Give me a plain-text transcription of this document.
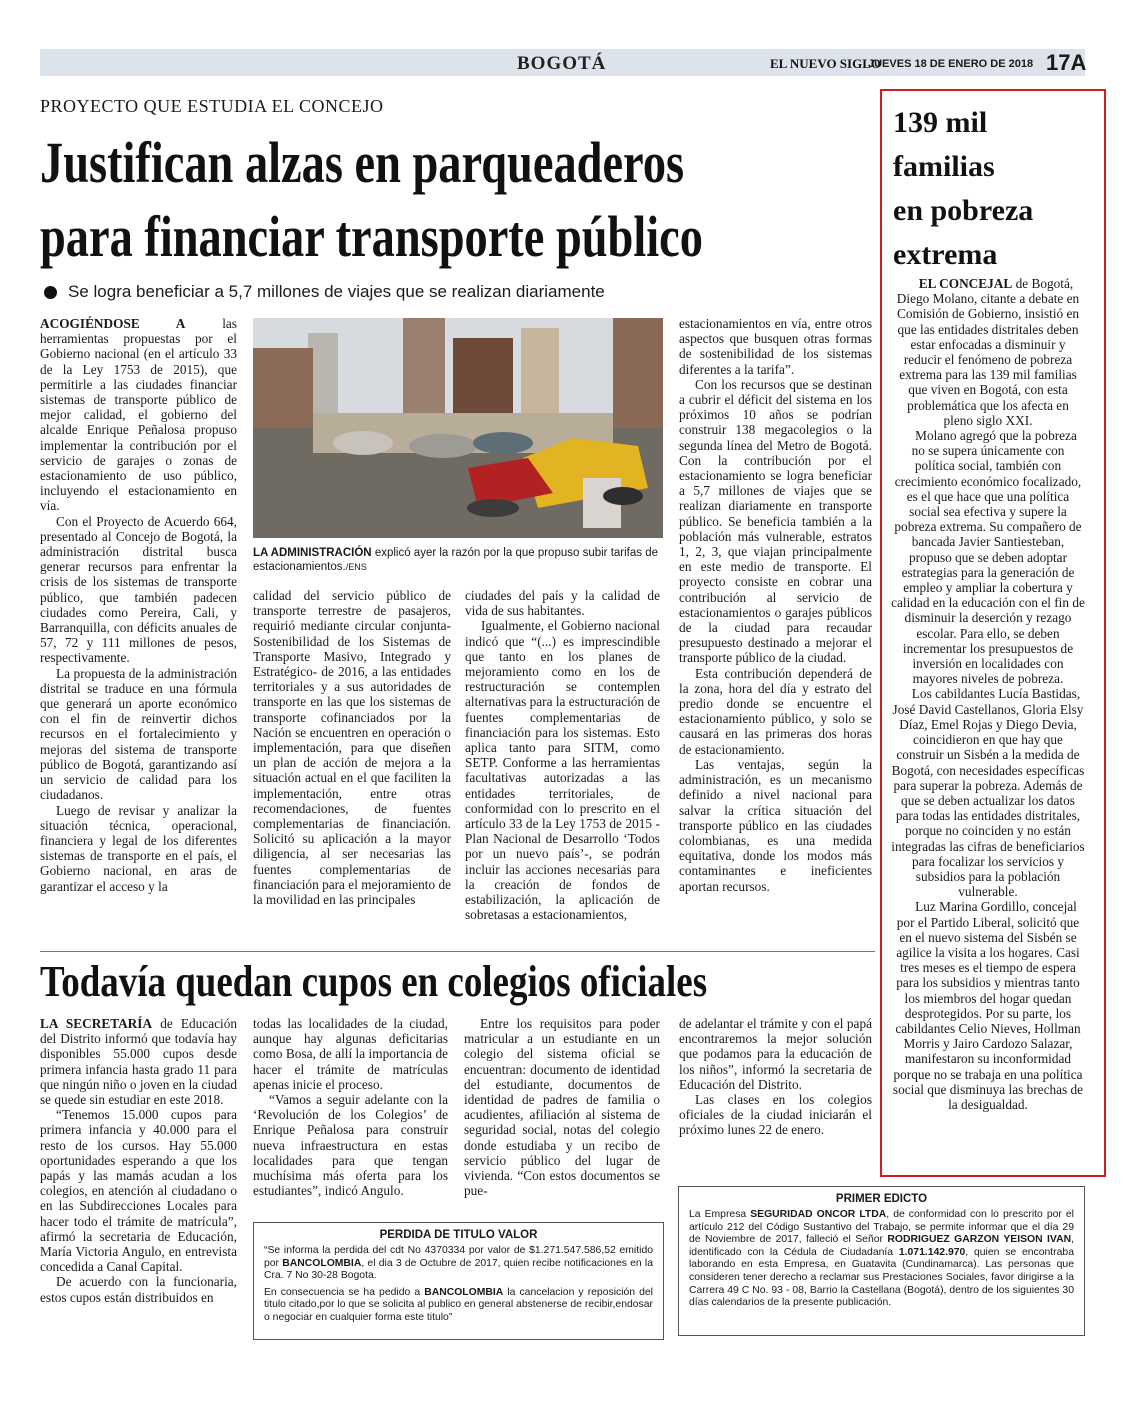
BOGOTÁ	EL NUEVO SIGLO
JUEVES 18 DE ENERO DE 2018 17A
PROYECTO QUE ESTUDIA EL CONCEJO
Justifican alzas en parqueaderos
para financiar transporte público
Se logra beneficiar a 5,7 millones de viajes que se realizan diariamente

ACOGIÉNDOSE A las herramientas propuestas por el Gobierno nacional (en el artículo 33 de la Ley 1753 de 2015), que permitirle a las ciudades financiar sistemas de transporte público de mejor calidad, el gobierno del alcalde Enrique Peñalosa propuso implementar la contribución por el servicio de garajes o zonas de estacionamiento de uso público, incluyendo el estacionamiento en vía.

Con el Proyecto de Acuerdo 664, presentado al Concejo de Bogotá, la administración distrital busca generar recursos para enfrentar la crisis de los sistemas de transporte público, que también padecen ciudades como Pereira, Cali, y Barranquilla, con déficits anuales de 57, 72 y 111 millones de pesos, respectivamente.

La propuesta de la administración distrital se traduce en una fórmula que generará un aporte económico con el fin de reinvertir dichos recursos en el fortalecimiento y mejoras del sistema de transporte público de Bogotá, garantizando así un servicio de calidad para los ciudadanos.

Luego de revisar y analizar la situación técnica, operacional, financiera y legal de los diferentes sistemas de transporte en el país, el Gobierno nacional, en aras de garantizar el acceso y la

LA ADMINISTRACIÓN explicó ayer la razón por la que propuso subir tarifas de estacionamientos./ENS

calidad del servicio público de transporte terrestre de pasajeros, requirió mediante circular conjunta-Sostenibilidad de los Sistemas de Transporte Masivo, Integrado y Estratégico- de 2016, a las entidades territoriales y a sus autoridades de transporte en las que los sistemas de transporte cofinanciados por la Nación se encuentren en operación o implementación, para que diseñen un plan de acción de mejora a la situación actual en el que faciliten la implementación, entre otras recomendaciones, de fuentes complementarias de financiación. Solicitó su aplicación a la mayor diligencia, al ser necesarias las fuentes complementarias de financiación para el mejoramiento de la movilidad en las principales

ciudades del país y la calidad de vida de sus habitantes.

Igualmente, el Gobierno nacional indicó que “(...) es imprescindible que tanto en los planes de mejoramiento como en los de restructuración se contemplen alternativas para la estructuración de fuentes complementarias de financiación para los sistemas. Esto aplica tanto para SITM, como SETP. Conforme a las herramientas facultativas autorizadas a las entidades territoriales, de conformidad con lo prescrito en el artículo 33 de la Ley 1753 de 2015 -Plan Nacional de Desarrollo ‘Todos por un nuevo país’-, se podrán incluir las acciones necesarias para la creación de fondos de estabilización, la aplicación de sobretasas a estacionamientos,

estacionamientos en vía, entre otros aspectos que busquen otras formas de sostenibilidad de los sistemas diferentes a la tarifa”.

Con los recursos que se destinan a cubrir el déficit del sistema en los próximos 10 años se podrían construir 138 megacolegios o la segunda línea del Metro de Bogotá. Con la contribución por el estacionamiento se logra beneficiar a 5,7 millones de viajes que se realizan diariamente en transporte público. Se beneficia también a la población más vulnerable, estratos 1, 2, 3, que viajan principalmente en este medio de transporte. El proyecto consiste en cobrar una contribución al servicio de estacionamientos o garajes públicos de la ciudad para recaudar presupuesto destinado a mejorar el transporte público de la ciudad.

Esta contribución dependerá de la zona, hora del día y estrato del predio donde se encuentre el estacionamiento público, y solo se causará en las primeras dos horas de estacionamiento.

Las ventajas, según la administración, es un mecanismo definido a nivel nacional para salvar la crítica situación del transporte público en las ciudades colombianas, es una medida equitativa, donde los modos más contaminantes e ineficientes aportan recursos.

139 mil
familias
en pobreza
extrema

EL CONCEJAL de Bogotá, Diego Molano, citante a debate en Comisión de Gobierno, insistió en que las entidades distritales deben estar enfocadas a disminuir y reducir el fenómeno de pobreza extrema para las 139 mil familias que viven en Bogotá, con esta problemática que los afecta en pleno siglo XXI.

Molano agregó que la pobreza no se supera únicamente con política social, también con crecimiento económico focalizado, es el que hace que una política social sea efectiva y supere la pobreza extrema. Su compañero de bancada Javier Santiesteban, propuso que se deben adoptar estrategias para la generación de empleo y ampliar la cobertura y calidad en la educación con el fin de disminuir la deserción y rezago escolar. Para ello, se deben incrementar los presupuestos de inversión en localidades con mayores niveles de pobreza.

Los cabildantes Lucía Bastidas, José David Castellanos, Gloria Elsy Díaz, Emel Rojas y Diego Devia, coincidieron en que hay que construir un Sisbén a la medida de Bogotá, con necesidades específicas para superar la pobreza. Además de que se deben actualizar los datos para todas las entidades distritales, porque no coinciden y no están integradas las cifras de beneficiarios para focalizar los servicios y subsidios para la población vulnerable.

Luz Marina Gordillo, concejal por el Partido Liberal, solicitó que en el nuevo sistema del Sisbén se agilice la visita a los hogares. Casi tres meses es el tiempo de espera para los subsidios y mientras tanto los miembros del hogar quedan desprotegidos. Por su parte, los cabildantes Celio Nieves, Hollman Morris y Jairo Cardozo Salazar, manifestaron su inconformidad porque no se trabaja en una política social que disminuya las brechas de la desigualdad.

Todavía quedan cupos en colegios oficiales

LA SECRETARÍA de Educación del Distrito informó que todavía hay disponibles 55.000 cupos desde primera infancia hasta grado 11 para que ningún niño o joven en la ciudad se quede sin estudiar en este 2018.

“Tenemos 15.000 cupos para primera infancia y 40.000 para el resto de los cursos. Hay 55.000 oportunidades esperando a que los papás y las mamás acudan a los colegios, en atención al ciudadano o en las Subdirecciones Locales para hacer todo el trámite de matrícula”, afirmó la secretaria de Educación, María Victoria Angulo, en entrevista concedida a Canal Capital.

De acuerdo con la funcionaria, estos cupos están distribuidos en

todas las localidades de la ciudad, aunque hay algunas deficitarias como Bosa, de allí la importancia de hacer el trámite de matrículas apenas inicie el proceso.

“Vamos a seguir adelante con la ‘Revolución de los Colegios’ de Enrique Peñalosa para construir nueva infraestructura en estas localidades para que tengan muchísima más oferta para los estudiantes”, indicó Angulo.

Entre los requisitos para poder matricular a un estudiante en un colegio del sistema oficial se encuentran: documento de identidad del estudiante, documentos de identidad de padres de familia o acudientes, afiliación al sistema de seguridad social, notas del colegio donde estudiaba y un recibo de servicio público del lugar de vivienda. “Con estos documentos se pue-

de adelantar el trámite y con el papá encontraremos la mejor solución que podamos para la educación de los niños”, informó la secretaria de Educación del Distrito.

Las clases en los colegios oficiales de la ciudad iniciarán el próximo lunes 22 de enero.

PERDIDA DE TITULO VALOR

“Se informa la perdida del cdt No 4370334 por valor de $1.271.547.586,52 emitido por BANCOLOMBIA, el dia 3 de Octubre de 2017, quien recibe notificaciones en la Cra. 7 No 30-28 Bogota.

En consecuencia se ha pedido a BANCOLOMBIA la cancelacion y reposición del titulo citado,por lo que se solicita al publico en general abstenerse de recibir,endosar o negociar en cualquier forma este titulo”

PRIMER EDICTO

La Empresa SEGURIDAD ONCOR LTDA, de conformidad con lo prescrito por el artículo 212 del Código Sustantivo del Trabajo, se permite informar que el día 29 de Noviembre de 2017, falleció el Señor RODRIGUEZ GARZON YEISON IVAN, identificado con la Cédula de Ciudadanía 1.071.142.970, quien se encontraba laborando en esta Empresa, en Guatavita (Cundinamarca). Las personas que consideren tener derecho a reclamar sus Prestaciones Sociales, favor dirigirse a la Carrera 49 C No. 93 - 08, Barrio la Castellana (Bogotá), dentro de los siguientes 30 días calendarios de la presente publicación.
